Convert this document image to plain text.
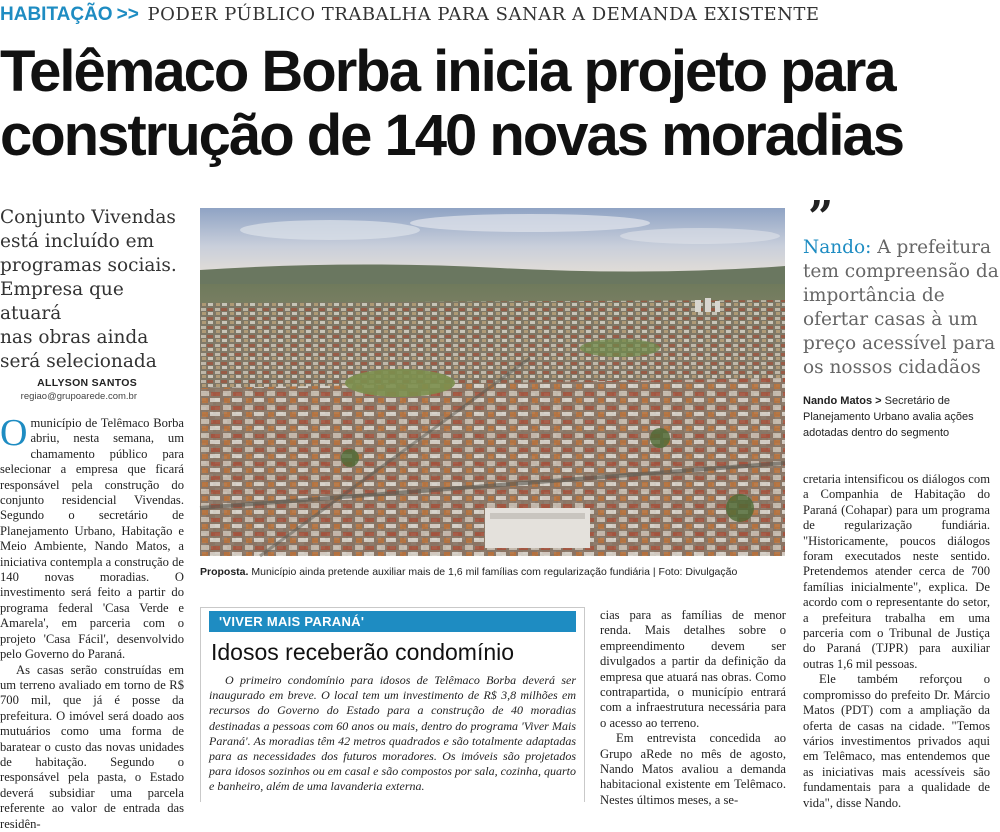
HABITAÇÃO >> PODER PÚBLICO TRABALHA PARA SANAR A DEMANDA EXISTENTE
Telêmaco Borba inicia projeto para
construção de 140 novas moradias
Conjunto Vivendas
está incluído em
programas sociais.
Empresa que atuará
nas obras ainda
será selecionada
ALLYSON SANTOS
regiao@grupoarede.com.br

Omunicípio de Telêmaco Borba abriu, nesta semana, um chamamento público para selecionar a empresa que ficará responsável pela construção do conjunto residencial Vivendas. Segundo o secretário de Planejamento Urbano, Habitação e Meio Ambiente, Nando Matos, a iniciativa contempla a construção de 140 novas moradias. O investimento será feito a partir do programa federal 'Casa Verde e Amarela', em parceria com o projeto 'Casa Fácil', desenvolvido pelo Governo do Paraná.

As casas serão construídas em um terreno avaliado em torno de R$ 700 mil, que já é posse da prefeitura. O imóvel será doado aos mutuários como uma forma de baratear o custo das novas unidades de habitação. Segundo o responsável pela pasta, o Estado deverá subsidiar uma parcela referente ao valor de entrada das residên-

Proposta. Município ainda pretende auxiliar mais de 1,6 mil famílias com regularização fundiária | Foto: Divulgação
'VIVER MAIS PARANÁ'
Idosos receberão condomínio

O primeiro condomínio para idosos de Telêmaco Borba deverá ser inaugurado em breve. O local tem um investimento de R$ 3,8 milhões em recursos do Governo do Estado para a construção de 40 moradias destinadas a pessoas com 60 anos ou mais, dentro do programa 'Viver Mais Paraná'. As moradias têm 42 metros quadrados e são totalmente adaptadas para as necessidades dos futuros moradores. Os imóveis são projetados para idosos sozinhos ou em casal e são compostos por sala, cozinha, quarto e banheiro, além de uma lavanderia externa.

cias para as famílias de menor renda. Mais detalhes sobre o empreendimento devem ser divulgados a partir da definição da empresa que atuará nas obras. Como contrapartida, o município entrará com a infraestrutura necessária para o acesso ao terreno.

Em entrevista concedida ao Grupo aRede no mês de agosto, Nando Matos avaliou a demanda habitacional existente em Telêmaco. Nestes últimos meses, a se-

”
Nando: A prefeitura tem compreensão da importância de ofertar casas à um preço acessível para os nossos cidadãos
Nando Matos > Secretário de Planejamento Urbano avalia ações adotadas dentro do segmento

cretaria intensificou os diálogos com a Companhia de Habitação do Paraná (Cohapar) para um programa de regularização fundiária. "Historicamente, poucos diálogos foram executados neste sentido. Pretendemos atender cerca de 700 famílias inicialmente", explica. De acordo com o representante do setor, a prefeitura trabalha em uma parceria com o Tribunal de Justiça do Paraná (TJPR) para auxiliar outras 1,6 mil pessoas.

Ele também reforçou o compromisso do prefeito Dr. Márcio Matos (PDT) com a ampliação da oferta de casas na cidade. "Temos vários investimentos privados aqui em Telêmaco, mas entendemos que as iniciativas mais acessíveis são fundamentais para a qualidade de vida", disse Nando.
